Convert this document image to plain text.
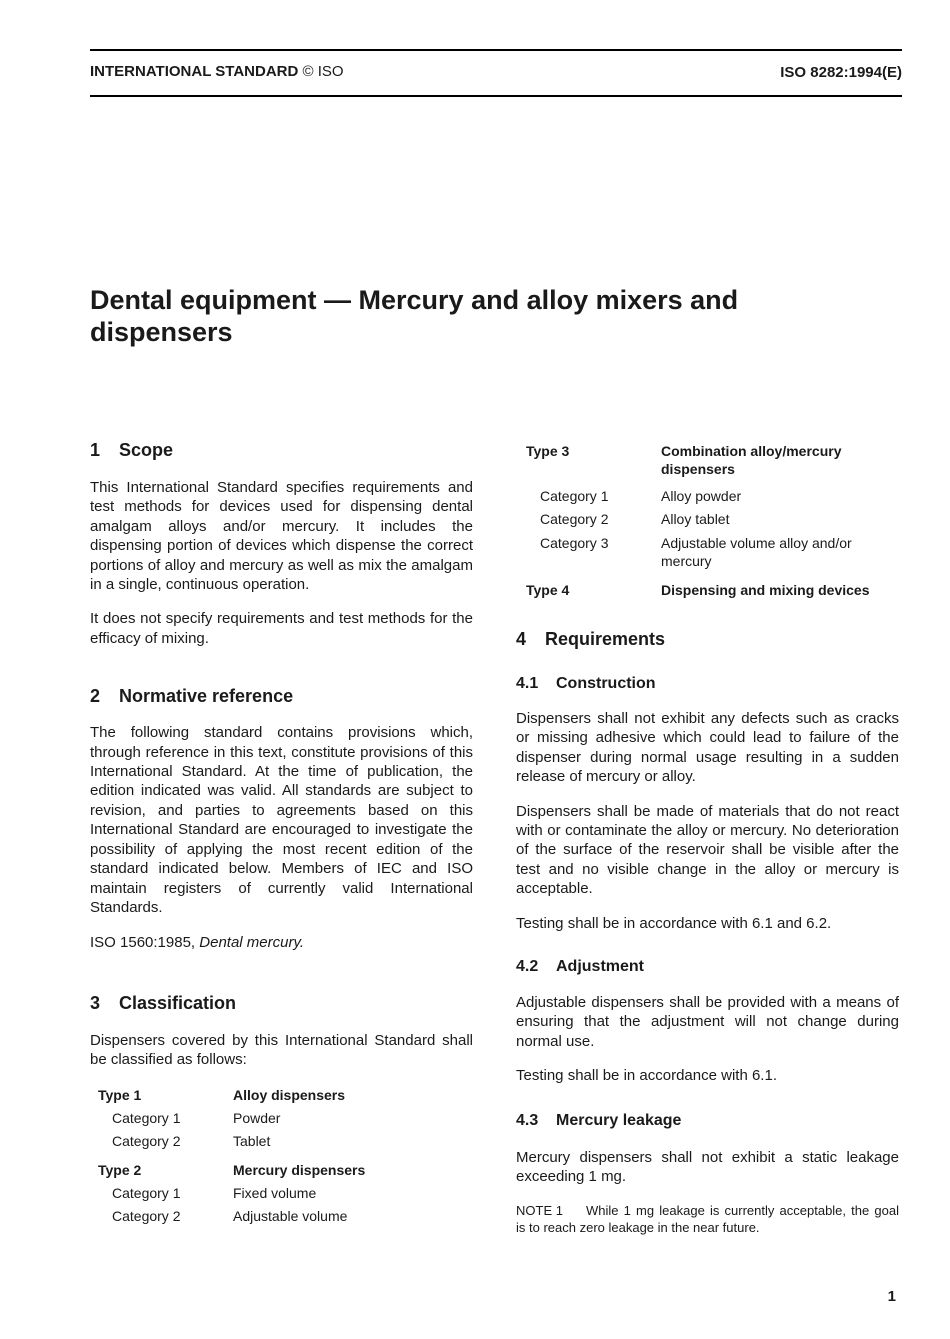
INTERNATIONAL STANDARD © ISO	ISO 8282:1994(E)
Dental equipment — Mercury and alloy mixers and dispensers
1 Scope

This International Standard specifies requirements and test methods for devices used for dispensing dental amalgam alloys and/or mercury. It includes the dispensing portion of devices which dispense the correct portions of alloy and mercury as well as mix the amalgam in a single, continuous operation.

It does not specify requirements and test methods for the efficacy of mixing.

2 Normative reference

The following standard contains provisions which, through reference in this text, constitute provisions of this International Standard. At the time of publication, the edition indicated was valid. All standards are subject to revision, and parties to agreements based on this International Standard are encouraged to investigate the possibility of applying the most recent edition of the standard indicated below. Members of IEC and ISO maintain registers of currently valid International Standards.

ISO 1560:1985, Dental mercury.

3 Classification

Dispensers covered by this International Standard shall be classified as follows:

Type 1	Alloy dispensers
Category 1	Powder
Category 2	Tablet
Type 2	Mercury dispensers
Category 1	Fixed volume
Category 2	Adjustable volume
Type 3	Combination alloy/mercury dispensers
Category 1	Alloy powder
Category 2	Alloy tablet
Category 3	Adjustable volume alloy and/or mercury
Type 4	Dispensing and mixing devices
4 Requirements
4.1 Construction

Dispensers shall not exhibit any defects such as cracks or missing adhesive which could lead to failure of the dispenser during normal usage resulting in a sudden release of mercury or alloy.

Dispensers shall be made of materials that do not react with or contaminate the alloy or mercury. No deterioration of the surface of the reservoir shall be visible after the test and no visible change in the alloy or mercury is acceptable.

Testing shall be in accordance with 6.1 and 6.2.

4.2 Adjustment

Adjustable dispensers shall be provided with a means of ensuring that the adjustment will not change during normal use.

Testing shall be in accordance with 6.1.

4.3 Mercury leakage

Mercury dispensers shall not exhibit a static leakage exceeding 1 mg.

NOTE 1 While 1 mg leakage is currently acceptable, the goal is to reach zero leakage in the near future.

1
